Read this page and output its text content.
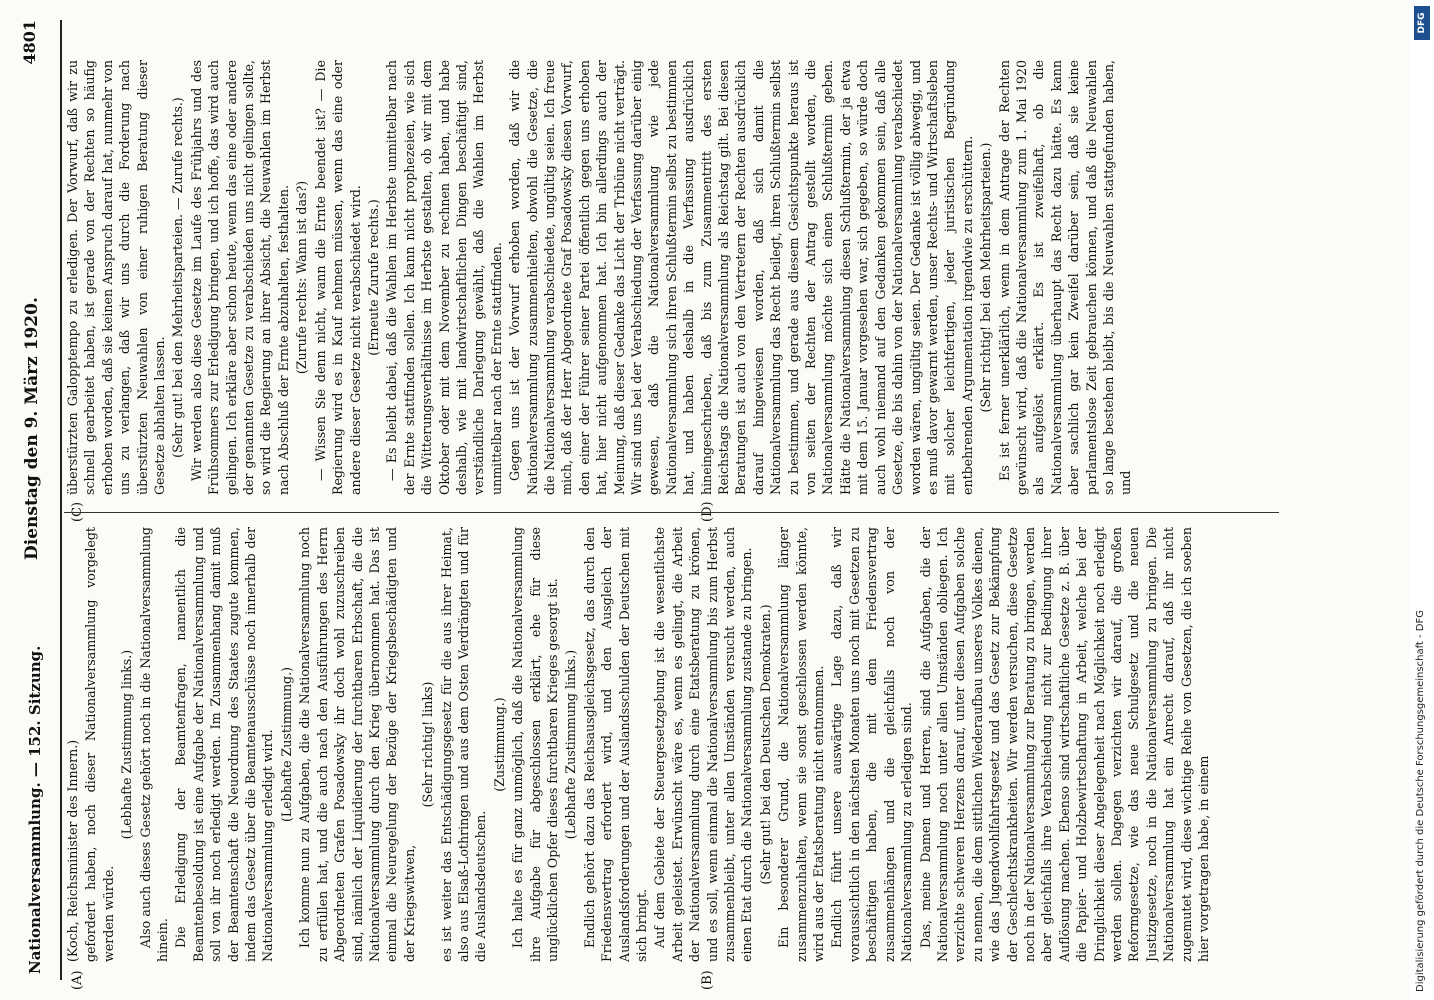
Nationalversammlung. — 152. Sitzung.
Dienstag den 9. März 1920.
4801
(A)	(B)
(C)	(D)

(Koch, Reichsminister des Innern.) gefordert haben, noch dieser Nationalversammlung vorgelegt werden würde.

(Lebhafte Zustimmung links.) Also auch dieses Gesetz gehört noch in die Nationalversammlung hinein. Die Erledigung der Beamtenfragen, namentlich die Beamtenbesoldung ist eine Aufgabe der Nationalversammlung und soll von ihr noch erledigt werden. Im Zusammenhang damit muß der Beamtenschaft die Neuordnung des Staates zugute kommen, indem das Gesetz über die Beamtenausschüsse noch innerhalb der Nationalversammlung erledigt wird. (Lebhafte Zustimmung.) Ich komme nun zu Aufgaben, die die Nationalversammlung noch zu erfüllen hat, und die auch nach den Ausführungen des Herrn Abgeordneten Grafen Posadowsky ihr doch wohl zuzuschreiben sind, nämlich der Liquidierung der furchtbaren Erbschaft, die die Nationalversammlung durch den Krieg übernommen hat. Das ist einmal die Neuregelung der Bezüge der Kriegsbeschädigten und der Kriegswitwen,

(Sehr richtig! links) es ist weiter das Entschädigungsgesetz für die aus ihrer Heimat, also aus Elsaß-Lothringen und aus dem Osten Verdrängten und für die Auslandsdeutschen.

(Zustimmung.) Ich halte es für ganz unmöglich, daß die Nationalversammlung ihre Aufgabe für abgeschlossen erklärt, ehe für diese unglücklichen Opfer dieses furchtbaren Krieges gesorgt ist. (Lebhafte Zustimmung links.) Endlich gehört dazu das Reichsausgleichsgesetz, das durch den Friedensvertrag erfordert wird, und den Ausgleich der Auslandsforderungen und der Auslandsschulden der Deutschen mit sich bringt. Auf dem Gebiete der Steuergesetzgebung ist die wesentlichste Arbeit geleistet. Erwünscht wäre es, wenn es gelingt, die Arbeit der Nationalversammlung durch eine Etatsberatung zu krönen, und es soll, wenn einmal die Nationalversammlung bis zum Herbst zusammenbleibt, unter allen Umständen versucht werden, auch einen Etat durch die Nationalversammlung zustande zu bringen. (Sehr gut! bei den Deutschen Demokraten.) Ein besonderer Grund, die Nationalversammlung länger zusammenzuhalten, wenn sie sonst geschlossen werden könnte, wird aus der Etatsberatung nicht entnommen. Endlich führt unsere auswärtige Lage dazu, daß wir voraussichtlich in den nächsten Monaten uns noch mit Gesetzen zu beschäftigen haben, die mit dem Friedensvertrag zusammenhängen und die gleichfalls noch von der Nationalversammlung zu erledigen sind. Das, meine Damen und Herren, sind die Aufgaben, die der Nationalversammlung noch unter allen Umständen obliegen. Ich verzichte schweren Herzens darauf, unter diesen Aufgaben solche zu nennen, die dem sittlichen Wiederaufbau unseres Volkes dienen, wie das Jugendwohlfahrtsgesetz und das Gesetz zur Bekämpfung der Geschlechtskrankheiten. Wir werden versuchen, diese Gesetze noch in der Nationalversammlung zur Beratung zu bringen, werden aber gleichfalls ihre Verabschiedung nicht zur Bedingung ihrer Auflösung machen. Ebenso sind wirtschaftliche Gesetze z. B. über die Papier- und Holzbewirtschaftung in Arbeit, welche bei der Dringlichkeit dieser Angelegenheit nach Möglichkeit noch erledigt werden sollen. Dagegen verzichten wir darauf, die großen Reformgesetze, wie das neue Schulgesetz und die neuen Justizgesetze, noch in die Nationalversammlung zu bringen. Die Nationalversammlung hat ein Anrecht darauf, daß ihr nicht zugemutet wird, diese wichtige Reihe von Gesetzen, die ich soeben hier vorgetragen habe, in einem

überstürzten Galopptempo zu erledigen. Der Vorwurf, daß wir zu schnell gearbeitet haben, ist gerade von der Rechten so häufig erhoben worden, daß sie keinen Anspruch darauf hat, nunmehr von uns zu verlangen, daß wir uns durch die Forderung nach überstürzten Neuwahlen von einer ruhigen Beratung dieser Gesetze abhalten lassen. (Sehr gut! bei den Mehrheitsparteien. — Zurufe rechts.) Wir werden also diese Gesetze im Laufe des Frühjahrs und des Frühsommers zur Erledigung bringen, und ich hoffe, das wird auch gelingen. Ich erkläre aber schon heute, wenn das eine oder andere der genannten Gesetze zu verabschieden uns nicht gelingen sollte, so wird die Regierung an ihrer Absicht, die Neuwahlen im Herbst nach Abschluß der Ernte abzuhalten, festhalten. (Zurufe rechts: Wann ist das?) — Wissen Sie denn nicht, wann die Ernte beendet ist? — Die Regierung wird es in Kauf nehmen müssen, wenn das eine oder andere dieser Gesetze nicht verabschiedet wird. (Erneute Zurufe rechts.) — Es bleibt dabei, daß die Wahlen im Herbste unmittelbar nach der Ernte stattfinden sollen. Ich kann nicht prophezeien, wie sich die Witterungsverhältnisse im Herbste gestalten, ob wir mit dem Oktober oder mit dem November zu rechnen haben, und habe deshalb, wie mit landwirtschaftlichen Dingen beschäftigt sind, verständliche Darlegung gewählt, daß die Wahlen im Herbst unmittelbar nach der Ernte stattfinden. Gegen uns ist der Vorwurf erhoben worden, daß wir die Nationalversammlung zusammenhielten, obwohl die Gesetze, die die Nationalversammlung verabschiedete, ungültig seien. Ich freue mich, daß der Herr Abgeordnete Graf Posadowsky diesen Vorwurf, den einer der Führer seiner Partei öffentlich gegen uns erhoben hat, hier nicht aufgenommen hat. Ich bin allerdings auch der Meinung, daß dieser Gedanke das Licht der Tribüne nicht verträgt. Wir sind uns bei der Verabschiedung der Verfassung darüber einig gewesen, daß die Nationalversammlung wie jede Nationalversammlung sich ihren Schlußtermin selbst zu bestimmen hat, und haben deshalb in die Verfassung ausdrücklich hineingeschrieben, daß bis zum Zusammentritt des ersten Reichstags die Nationalversammlung als Reichstag gilt. Bei diesen Beratungen ist auch von den Vertretern der Rechten ausdrücklich darauf hingewiesen worden, daß sich damit die Nationalversammlung das Recht beilegt, ihren Schlußtermin selbst zu bestimmen, und gerade aus diesem Gesichtspunkte heraus ist von seiten der Rechten der Antrag gestellt worden, die Nationalversammlung möchte sich einen Schlußtermin geben. Hätte die Nationalversammlung diesen Schlußtermin, der ja etwa mit dem 15. Januar vorgesehen war, sich gegeben, so würde doch auch wohl niemand auf den Gedanken gekommen sein, daß alle Gesetze, die bis dahin von der Nationalversammlung verabschiedet worden wären, ungültig seien. Der Gedanke ist völlig abwegig, und es muß davor gewarnt werden, unser Rechts- und Wirtschaftsleben mit solcher leichtfertigen, jeder juristischen Begründung entbehrenden Argumentation irgendwie zu erschüttern. (Sehr richtig! bei den Mehrheitsparteien.) Es ist ferner unerklärlich, wenn in dem Antrage der Rechten gewünscht wird, daß die Nationalversammlung zum 1. Mai 1920 als aufgelöst erklärt. Es ist zweifelhaft, ob die Nationalversammlung überhaupt das Recht dazu hätte. Es kann aber sachlich gar kein Zweifel darüber sein, daß sie keine parlamentslose Zeit gebrauchen können, und daß die Neuwahlen so lange bestehen bleibt, bis die Neuwahlen stattgefunden haben, und

DFG
Digitalisierung gefördert durch die Deutsche Forschungsgemeinschaft - DFG
